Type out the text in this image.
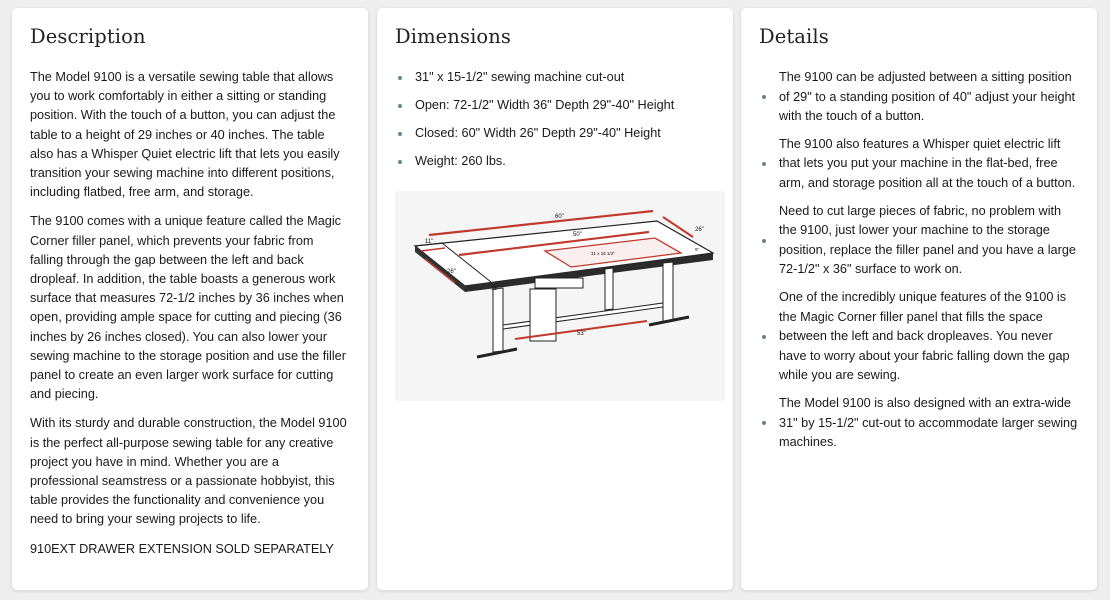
Description

The Model 9100 is a versatile sewing table that allows you to work comfortably in either a sitting or standing position. With the touch of a button, you can adjust the table to a height of 29 inches or 40 inches. The table also has a Whisper Quiet electric lift that lets you easily transition your sewing machine into different positions, including flatbed, free arm, and storage.

The 9100 comes with a unique feature called the Magic Corner filler panel, which prevents your fabric from falling through the gap between the left and back dropleaf. In addition, the table boasts a generous work surface that measures 72-1/2 inches by 36 inches when open, providing ample space for cutting and piecing (36 inches by 26 inches closed). You can also lower your sewing machine to the storage position and use the filler panel to create an even larger work surface for cutting and piecing.

With its sturdy and durable construction, the Model 9100 is the perfect all-purpose sewing table for any creative project you have in mind. Whether you are a professional seamstress or a passionate hobbyist, this table provides the functionality and convenience you need to bring your sewing projects to life.

910EXT DRAWER EXTENSION SOLD SEPARATELY

Dimensions
31" x 15-1/2" sewing machine cut-out
Open: 72-1/2" Width 36" Depth 29"-40" Height
Closed: 60" Width 26" Depth 29"-40" Height
Weight: 260 lbs.
60"
50"
26"
11"
26"
11"
31 x 15 1/2"
53"
9"
Details
The 9100 can be adjusted between a sitting position of 29" to a standing position of 40" adjust your height with the touch of a button.
The 9100 also features a Whisper quiet electric lift that lets you put your machine in the flat-bed, free arm, and storage position all at the touch of a button.
Need to cut large pieces of fabric, no problem with the 9100, just lower your machine to the storage position, replace the filler panel and you have a large 72-1/2" x 36" surface to work on.
One of the incredibly unique features of the 9100 is the Magic Corner filler panel that fills the space between the left and back dropleaves. You never have to worry about your fabric falling down the gap while you are sewing.
The Model 9100 is also designed with an extra-wide 31" by 15-1/2" cut-out to accommodate larger sewing machines.
